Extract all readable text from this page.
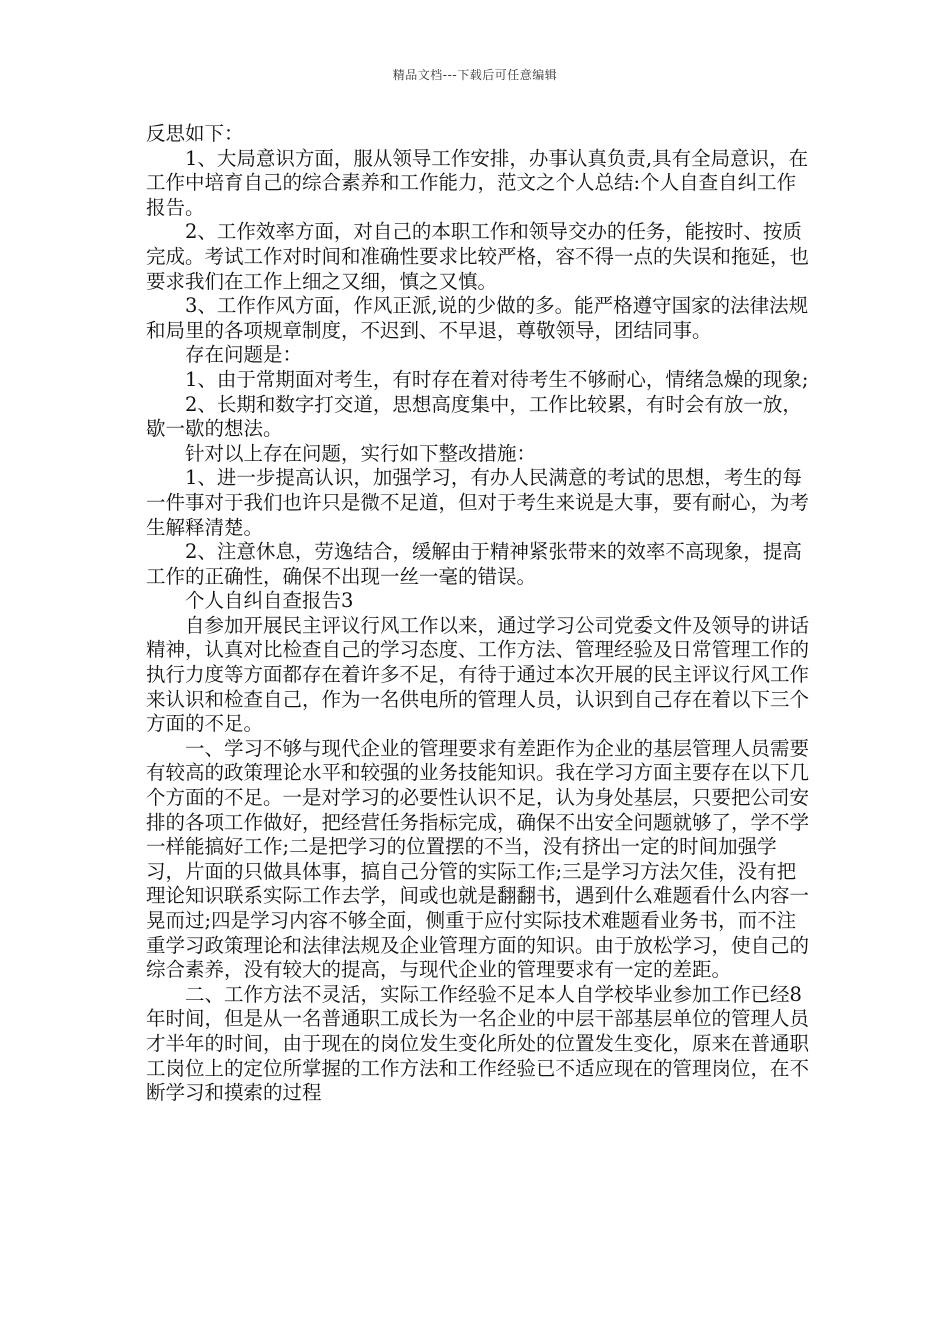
精品文档---下载后可任意编辑

反思如下：

1、大局意识方面，服从领导工作安排，办事认真负责,具有全局意识，在工作中培育自己的综合素养和工作能力，范文之个人总结:个人自查自纠工作报告。

2、工作效率方面，对自己的本职工作和领导交办的任务，能按时、按质完成。考试工作对时间和准确性要求比较严格，容不得一点的失误和拖延，也要求我们在工作上细之又细，慎之又慎。

3、工作作风方面，作风正派,说的少做的多。能严格遵守国家的法律法规和局里的各项规章制度，不迟到、不早退，尊敬领导，团结同事。

存在问题是：

1、由于常期面对考生，有时存在着对待考生不够耐心，情绪急燥的现象;

2、长期和数字打交道，思想高度集中，工作比较累，有时会有放一放，歇一歇的想法。

针对以上存在问题，实行如下整改措施：

1、进一步提高认识，加强学习，有办人民满意的考试的思想，考生的每一件事对于我们也许只是微不足道，但对于考生来说是大事，要有耐心，为考生解释清楚。

2、注意休息，劳逸结合，缓解由于精神紧张带来的效率不高现象，提高工作的正确性，确保不出现一丝一毫的错误。

个人自纠自查报告3

自参加开展民主评议行风工作以来，通过学习公司党委文件及领导的讲话精神，认真对比检查自己的学习态度、工作方法、管理经验及日常管理工作的执行力度等方面都存在着许多不足，有待于通过本次开展的民主评议行风工作来认识和检查自己，作为一名供电所的管理人员，认识到自己存在着以下三个方面的不足。

一、学习不够与现代企业的管理要求有差距作为企业的基层管理人员需要有较高的政策理论水平和较强的业务技能知识。我在学习方面主要存在以下几个方面的不足。一是对学习的必要性认识不足，认为身处基层，只要把公司安排的各项工作做好，把经营任务指标完成，确保不出安全问题就够了，学不学一样能搞好工作;二是把学习的位置摆的不当，没有挤出一定的时间加强学习，片面的只做具体事，搞自己分管的实际工作;三是学习方法欠佳，没有把理论知识联系实际工作去学，间或也就是翻翻书，遇到什么难题看什么内容一晃而过;四是学习内容不够全面，侧重于应付实际技术难题看业务书，而不注重学习政策理论和法律法规及企业管理方面的知识。由于放松学习，使自己的综合素养，没有较大的提高，与现代企业的管理要求有一定的差距。

二、工作方法不灵活，实际工作经验不足本人自学校毕业参加工作已经8年时间，但是从一名普通职工成长为一名企业的中层干部基层单位的管理人员才半年的时间，由于现在的岗位发生变化所处的位置发生变化，原来在普通职工岗位上的定位所掌握的工作方法和工作经验已不适应现在的管理岗位，在不断学习和摸索的过程
